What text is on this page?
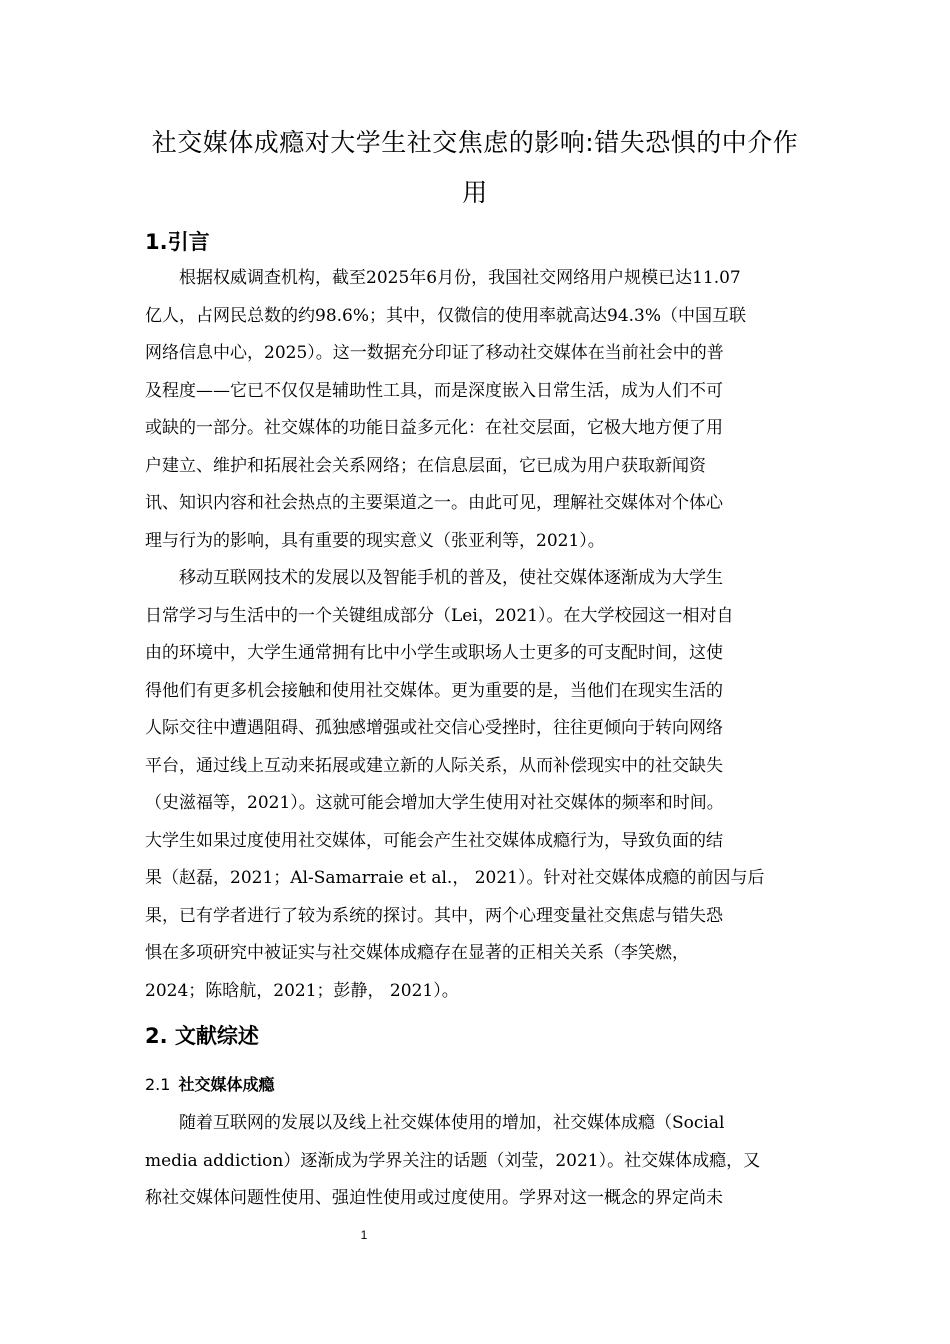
社交媒体成瘾对大学生社交焦虑的影响:错失恐惧的中介作
用
1.引言

根据权威调查机构，截至2025年6月份，我国社交网络用户规模已达11.07
亿人，占网民总数的约98.6%；其中，仅微信的使用率就高达94.3%（中国互联
网络信息中心，2025）。这一数据充分印证了移动社交媒体在当前社会中的普
及程度——它已不仅仅是辅助性工具，而是深度嵌入日常生活，成为人们不可
或缺的一部分。社交媒体的功能日益多元化：在社交层面，它极大地方便了用
户建立、维护和拓展社会关系网络；在信息层面，它已成为用户获取新闻资
讯、知识内容和社会热点的主要渠道之一。由此可见，理解社交媒体对个体心
理与行为的影响，具有重要的现实意义（张亚利等，2021）。

移动互联网技术的发展以及智能手机的普及，使社交媒体逐渐成为大学生
日常学习与生活中的一个关键组成部分（Lei，2021）。在大学校园这一相对自
由的环境中，大学生通常拥有比中小学生或职场人士更多的可支配时间，这使
得他们有更多机会接触和使用社交媒体。更为重要的是，当他们在现实生活的
人际交往中遭遇阻碍、孤独感增强或社交信心受挫时，往往更倾向于转向网络
平台，通过线上互动来拓展或建立新的人际关系，从而补偿现实中的社交缺失
（史滋福等，2021）。这就可能会增加大学生使用对社交媒体的频率和时间。
大学生如果过度使用社交媒体，可能会产生社交媒体成瘾行为，导致负面的结
果（赵磊，2021；Al-Samarraie et al.， 2021）。针对社交媒体成瘾的前因与后
果，已有学者进行了较为系统的探讨。其中，两个心理变量社交焦虑与错失恐
惧在多项研究中被证实与社交媒体成瘾存在显著的正相关关系（李笑燃，
2024；陈晗航，2021；彭静， 2021）。

2. 文献综述
2.1 社交媒体成瘾

随着互联网的发展以及线上社交媒体使用的增加，社交媒体成瘾（Social
media addiction）逐渐成为学界关注的话题（刘莹，2021）。社交媒体成瘾，又
称社交媒体问题性使用、强迫性使用或过度使用。学界对这一概念的界定尚未

1
